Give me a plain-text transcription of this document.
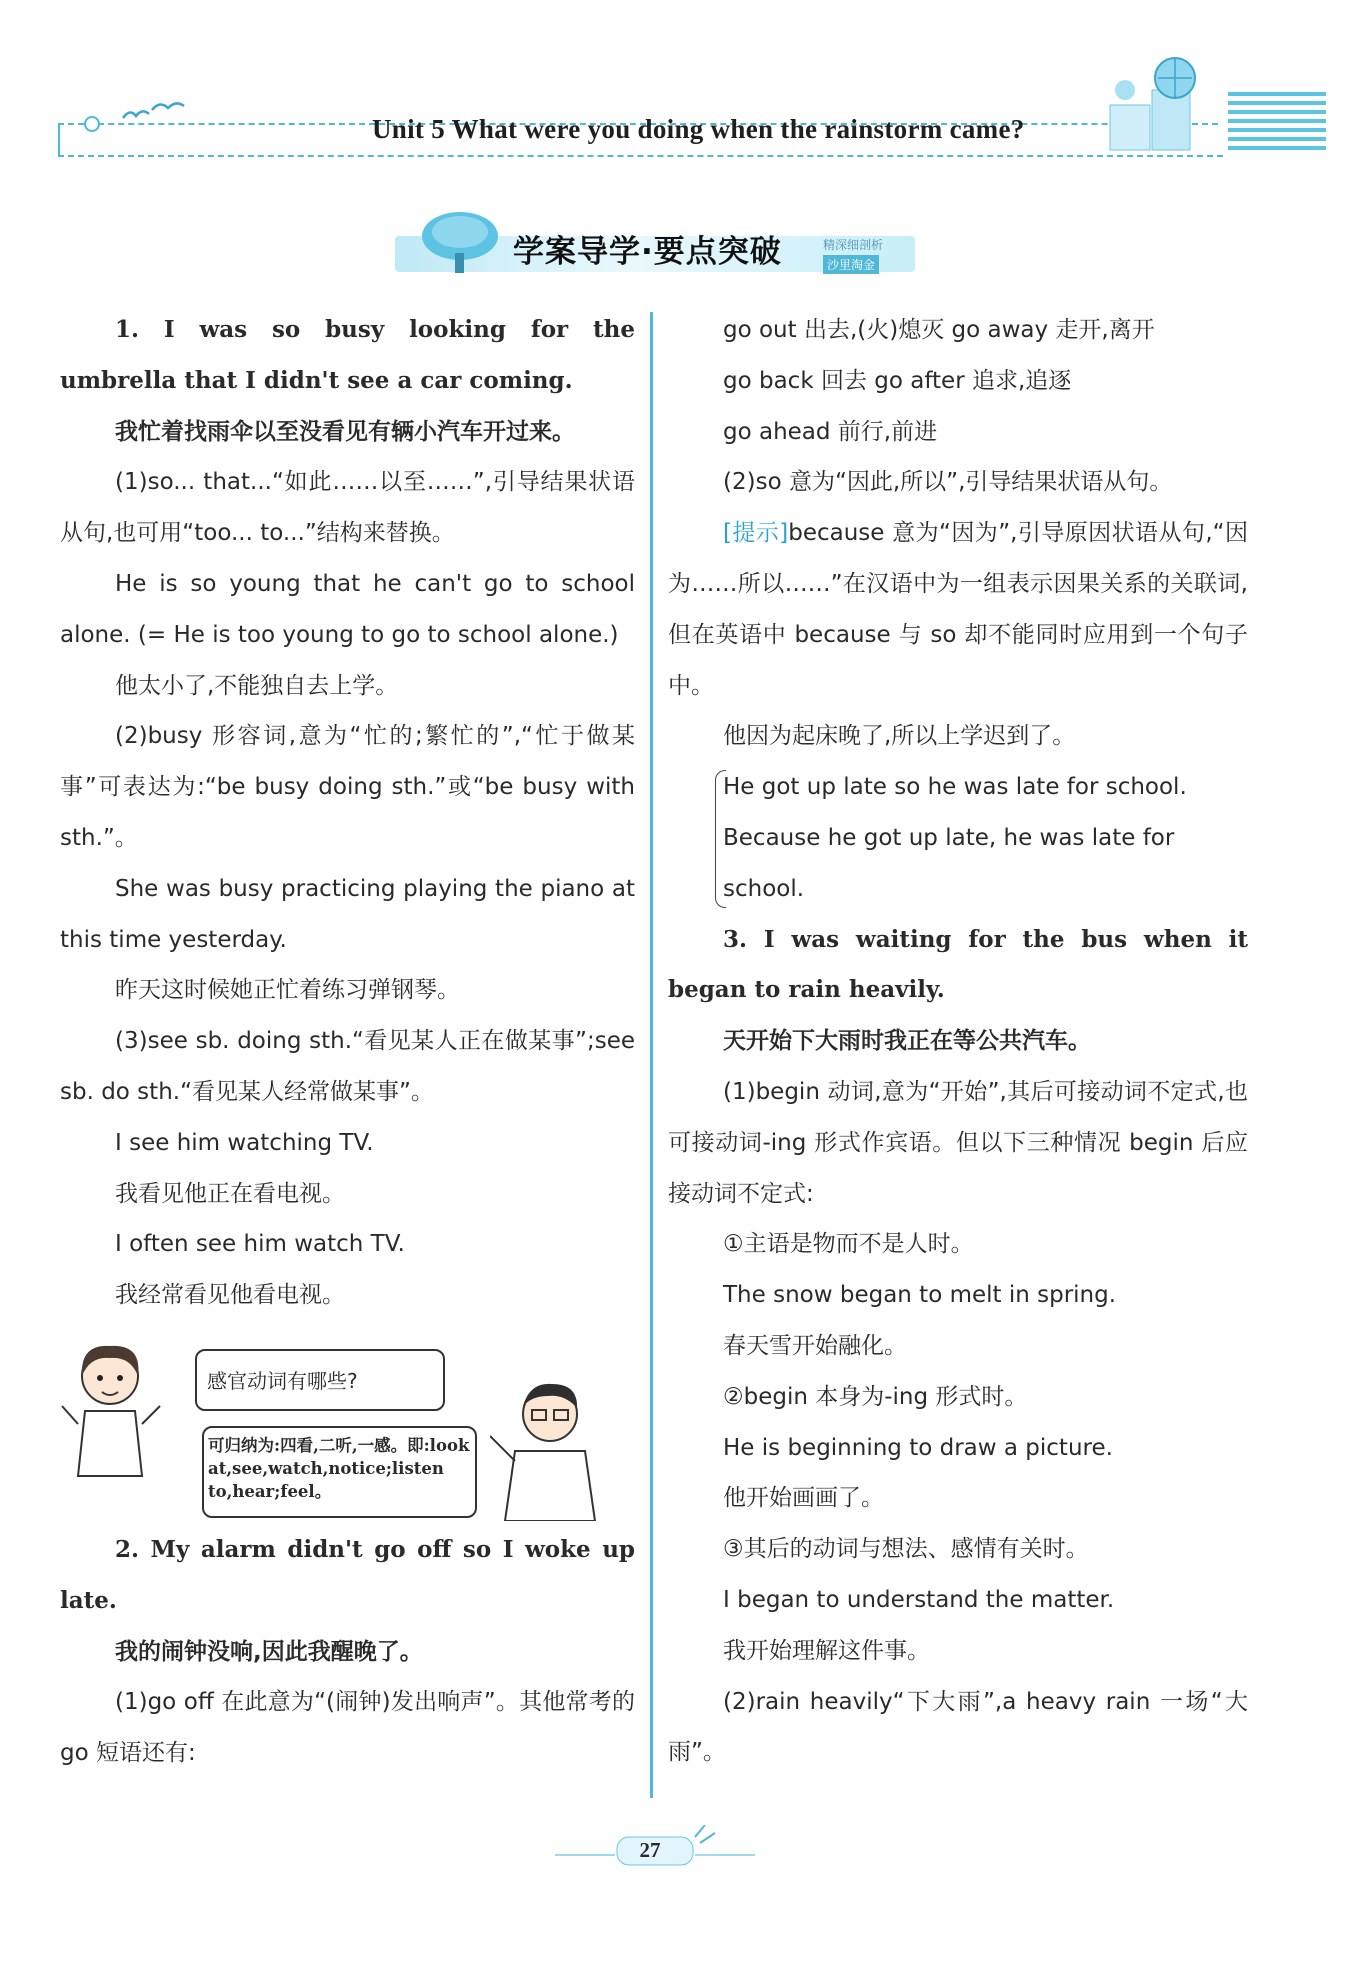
Unit 5 What were you doing when the rainstorm came?
学案导学·要点突破	精深细剖析
沙里淘金

1. I was so busy looking for the umbrella that I didn't see a car coming.

我忙着找雨伞以至没看见有辆小汽车开过来。

(1)so... that...“如此……以至……”,引导结果状语从句,也可用“too... to...”结构来替换。

He is so young that he can't go to school alone. (= He is too young to go to school alone.)

他太小了,不能独自去上学。

(2)busy 形容词,意为“忙的;繁忙的”,“忙于做某事”可表达为:“be busy doing sth.”或“be busy with sth.”。

She was busy practicing playing the piano at this time yesterday.

昨天这时候她正忙着练习弹钢琴。

(3)see sb. doing sth.“看见某人正在做某事”;see sb. do sth.“看见某人经常做某事”。

I see him watching TV.

我看见他正在看电视。

I often see him watch TV.

我经常看见他看电视。

感官动词有哪些?
可归纳为:四看,二听,一感。即:look at,see,watch,notice;listen to,hear;feel。

2. My alarm didn't go off so I woke up late.

我的闹钟没响,因此我醒晚了。

(1)go off 在此意为“(闹钟)发出响声”。其他常考的 go 短语还有:

go out 出去,(火)熄灭 go away 走开,离开

go back 回去 go after 追求,追逐

go ahead 前行,前进

(2)so 意为“因此,所以”,引导结果状语从句。

[提示]because 意为“因为”,引导原因状语从句,“因为……所以……”在汉语中为一组表示因果关系的关联词,但在英语中 because 与 so 却不能同时应用到一个句子中。

他因为起床晚了,所以上学迟到了。

He got up late so he was late for school.

Because he got up late, he was late for

school.

3. I was waiting for the bus when it began to rain heavily.

天开始下大雨时我正在等公共汽车。

(1)begin 动词,意为“开始”,其后可接动词不定式,也可接动词-ing 形式作宾语。但以下三种情况 begin 后应接动词不定式:

①主语是物而不是人时。

The snow began to melt in spring.

春天雪开始融化。

②begin 本身为-ing 形式时。

He is beginning to draw a picture.

他开始画画了。

③其后的动词与想法、感情有关时。

I began to understand the matter.

我开始理解这件事。

(2)rain heavily“下大雨”,a heavy rain 一场“大雨”。

27
